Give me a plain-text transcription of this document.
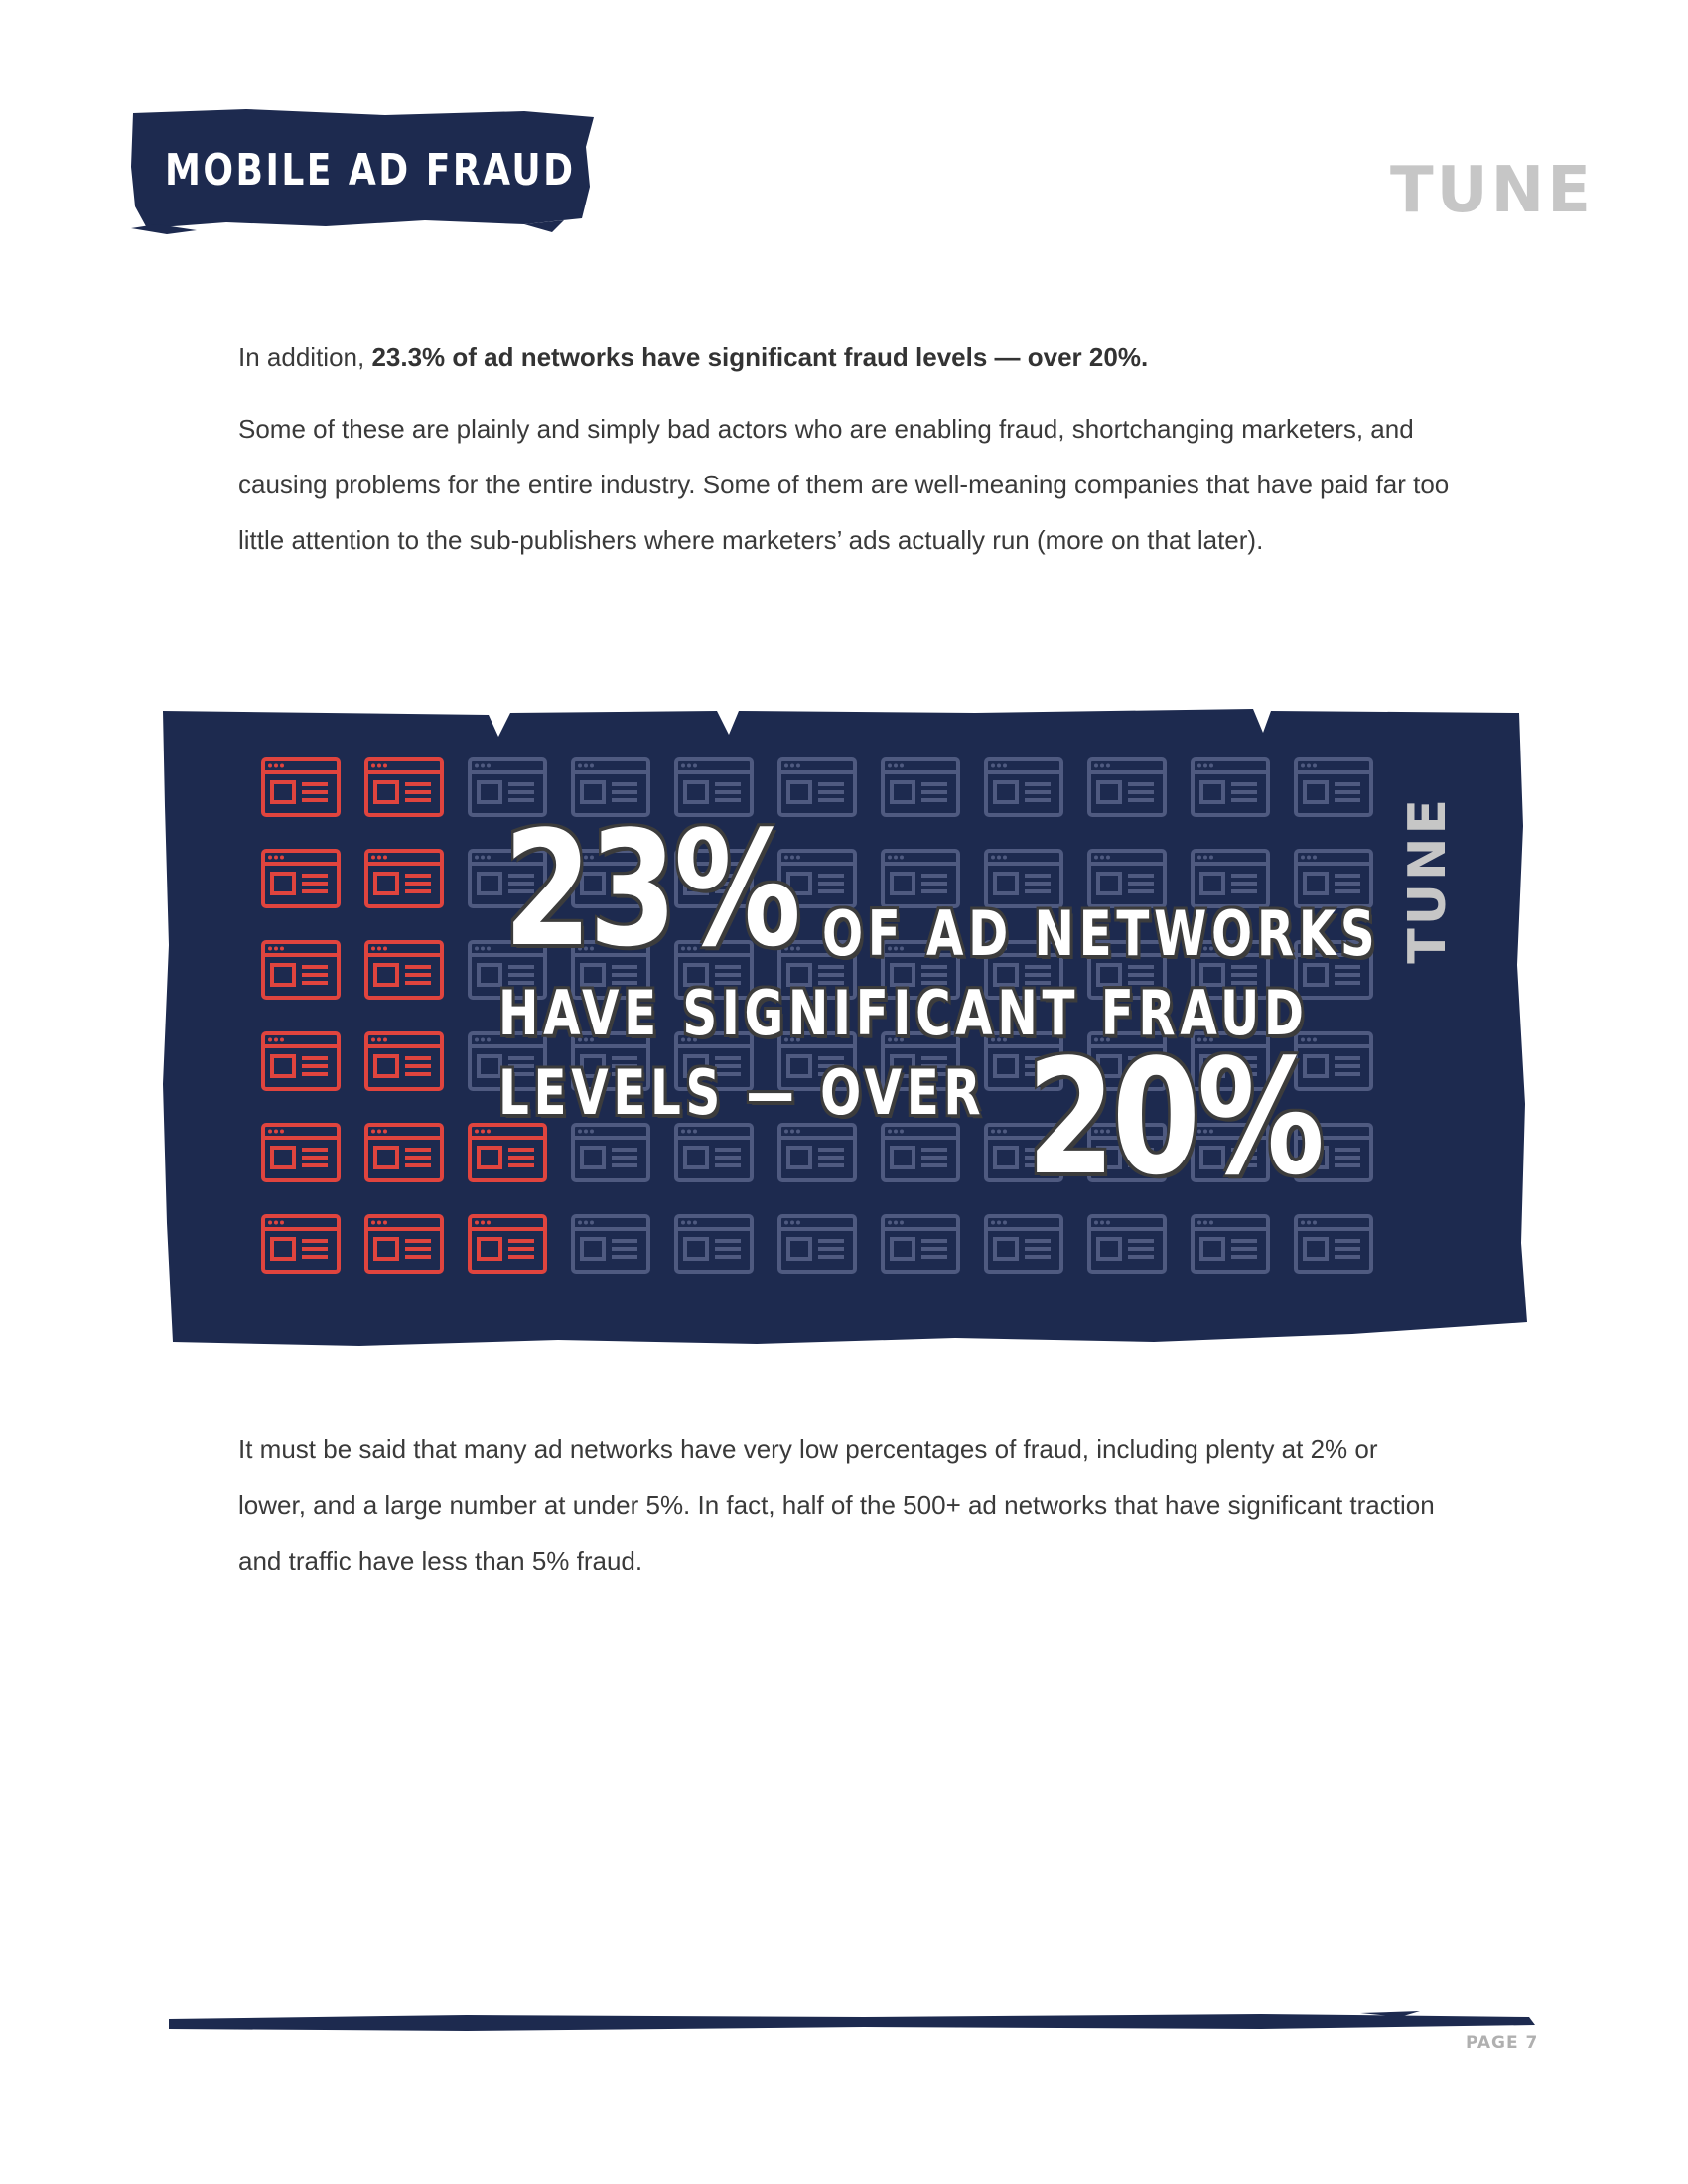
MOBILE AD FRAUD	TUNE
In addition, 23.3% of ad networks have significant fraud levels — over 20%.
Some of these are plainly and simply bad actors who are enabling fraud, shortchanging marketers, and causing problems for the entire industry. Some of them are well-meaning companies that have paid far too little attention to the sub-publishers where marketers’ ads actually run (more on that later).
23% OF AD NETWORKS
HAVE SIGNIFICANT FRAUD
LEVELS — OVER 20%
TUNE
It must be said that many ad networks have very low percentages of fraud, including plenty at 2% or lower, and a large number at under 5%. In fact, half of the 500+ ad networks that have significant traction and traffic have less than 5% fraud.
PAGE 7
